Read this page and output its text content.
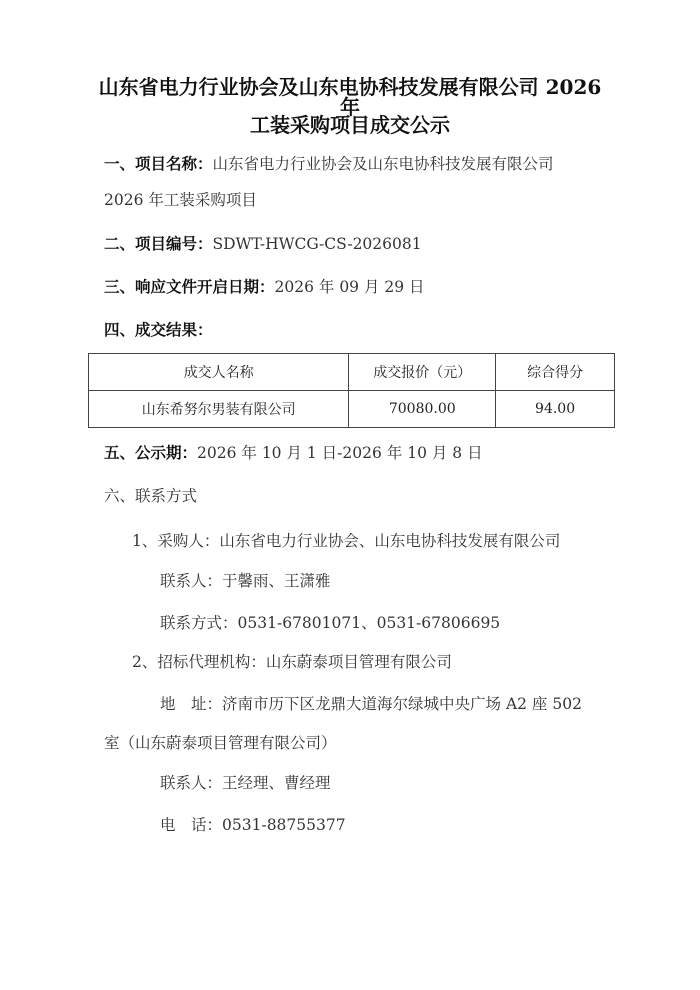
山东省电力行业协会及山东电协科技发展有限公司 2026 年
工装采购项目成交公示
一、项目名称：山东省电力行业协会及山东电协科技发展有限公司
2026 年工装采购项目
二、项目编号：SDWT-HWCG-CS-2026081
三、响应文件开启日期：2026 年 09 月 29 日
四、成交结果：
成交人名称	成交报价（元）	综合得分
山东希努尔男装有限公司	70080.00	94.00
五、公示期：2026 年 10 月 1 日-2026 年 10 月 8 日
六、联系方式
1、采购人：山东省电力行业协会、山东电协科技发展有限公司
联系人：于馨雨、王潇雅
联系方式：0531-67801071、0531-67806695
2、招标代理机构：山东蔚泰项目管理有限公司
地　址：济南市历下区龙鼎大道海尔绿城中央广场 A2 座 502
室（山东蔚泰项目管理有限公司）
联系人：王经理、曹经理
电　话：0531-88755377
